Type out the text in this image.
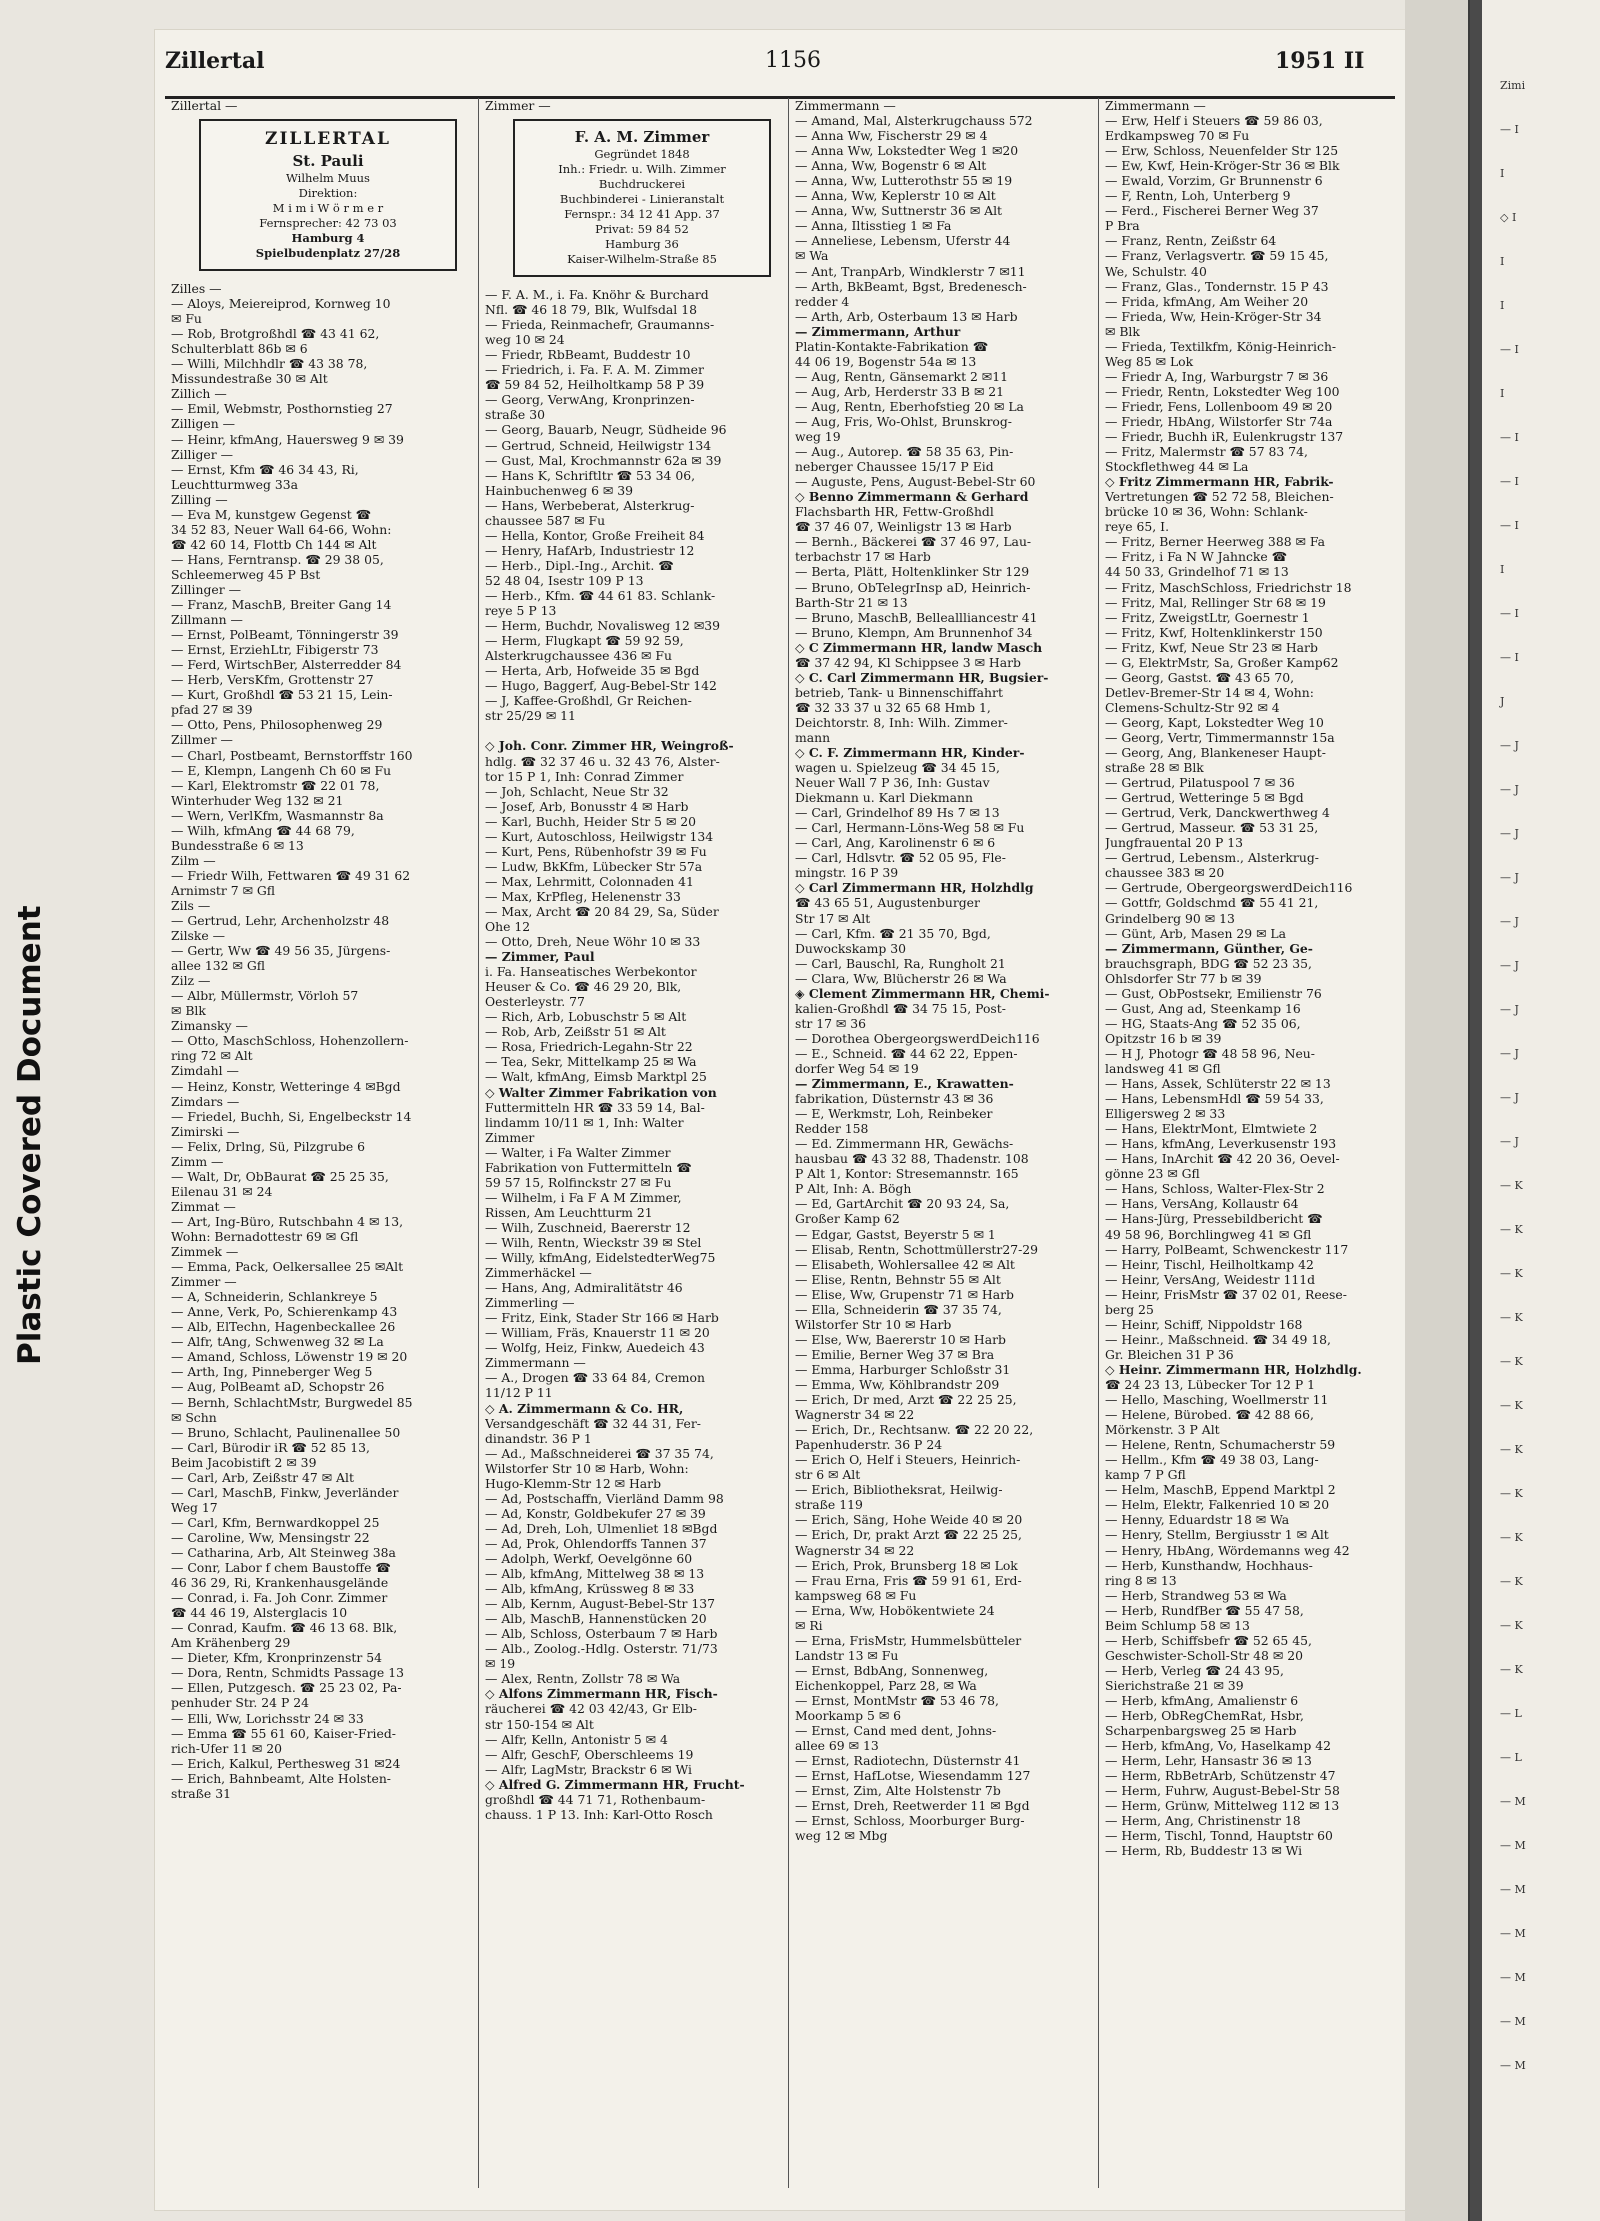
Plastic Covered Document
Zillertal	1156	1951 II
Zillertal —
ZILLERTAL
St. Pauli
Wilhelm Muus
Direktion:
M i m i W ö r m e r
Fernsprecher: 42 73 03
Hamburg 4
Spielbudenplatz 27/28
Zilles —
— Aloys, Meiereiprod, Kornweg 10
✉ Fu
— Rob, Brotgroßhdl ☎ 43 41 62,
Schulterblatt 86b ✉ 6
— Willi, Milchhdlr ☎ 43 38 78,
Missundestraße 30 ✉ Alt
Zillich —
— Emil, Webmstr, Posthornstieg 27
Zilligen —
— Heinr, kfmAng, Hauersweg 9 ✉ 39
Zilliger —
— Ernst, Kfm ☎ 46 34 43, Ri,
Leuchtturmweg 33a
Zilling —
— Eva M, kunstgew Gegenst ☎
34 52 83, Neuer Wall 64-66, Wohn:
☎ 42 60 14, Flottb Ch 144 ✉ Alt
— Hans, Ferntransp. ☎ 29 38 05,
Schleemerweg 45 P Bst
Zillinger —
— Franz, MaschB, Breiter Gang 14
Zillmann —
— Ernst, PolBeamt, Tönningerstr 39
— Ernst, ErziehLtr, Fibigerstr 73
— Ferd, WirtschBer, Alsterredder 84
— Herb, VersKfm, Grottenstr 27
— Kurt, Großhdl ☎ 53 21 15, Lein-
pfad 27 ✉ 39
— Otto, Pens, Philosophenweg 29
Zillmer —
— Charl, Postbeamt, Bernstorffstr 160
— E, Klempn, Langenh Ch 60 ✉ Fu
— Karl, Elektromstr ☎ 22 01 78,
Winterhuder Weg 132 ✉ 21
— Wern, VerlKfm, Wasmannstr 8a
— Wilh, kfmAng ☎ 44 68 79,
Bundesstraße 6 ✉ 13
Zilm —
— Friedr Wilh, Fettwaren ☎ 49 31 62
Arnimstr 7 ✉ Gfl
Zils —
— Gertrud, Lehr, Archenholzstr 48
Zilske —
— Gertr, Ww ☎ 49 56 35, Jürgens-
allee 132 ✉ Gfl
Zilz —
— Albr, Müllermstr, Vörloh 57
✉ Blk
Zimansky —
— Otto, MaschSchloss, Hohenzollern-
ring 72 ✉ Alt
Zimdahl —
— Heinz, Konstr, Wetteringe 4 ✉Bgd
Zimdars —
— Friedel, Buchh, Si, Engelbeckstr 14
Zimirski —
— Felix, Drlng, Sü, Pilzgrube 6
Zimm —
— Walt, Dr, ObBaurat ☎ 25 25 35,
Eilenau 31 ✉ 24
Zimmat —
— Art, Ing-Büro, Rutschbahn 4 ✉ 13,
Wohn: Bernadottestr 69 ✉ Gfl
Zimmek —
— Emma, Pack, Oelkersallee 25 ✉Alt
Zimmer —
— A, Schneiderin, Schlankreye 5
— Anne, Verk, Po, Schierenkamp 43
— Alb, ElTechn, Hagenbeckallee 26
— Alfr, tAng, Schwenweg 32 ✉ La
— Amand, Schloss, Löwenstr 19 ✉ 20
— Arth, Ing, Pinneberger Weg 5
— Aug, PolBeamt aD, Schopstr 26
— Bernh, SchlachtMstr, Burgwedel 85
✉ Schn
— Bruno, Schlacht, Paulinenallee 50
— Carl, Bürodir iR ☎ 52 85 13,
Beim Jacobistift 2 ✉ 39
— Carl, Arb, Zeißstr 47 ✉ Alt
— Carl, MaschB, Finkw, Jeverländer
Weg 17
— Carl, Kfm, Bernwardkoppel 25
— Caroline, Ww, Mensingstr 22
— Catharina, Arb, Alt Steinweg 38a
— Conr, Labor f chem Baustoffe ☎
46 36 29, Ri, Krankenhausgelände
— Conrad, i. Fa. Joh Conr. Zimmer
☎ 44 46 19, Alsterglacis 10
— Conrad, Kaufm. ☎ 46 13 68. Blk,
Am Krähenberg 29
— Dieter, Kfm, Kronprinzenstr 54
— Dora, Rentn, Schmidts Passage 13
— Ellen, Putzgesch. ☎ 25 23 02, Pa-
penhuder Str. 24 P 24
— Elli, Ww, Lorichsstr 24 ✉ 33
— Emma ☎ 55 61 60, Kaiser-Fried-
rich-Ufer 11 ✉ 20
— Erich, Kalkul, Perthesweg 31 ✉24
— Erich, Bahnbeamt, Alte Holsten-
straße 31
Zimmer —
F. A. M. Zimmer
Gegründet 1848
Inh.: Friedr. u. Wilh. Zimmer
Buchdruckerei
Buchbinderei - Linieranstalt
Fernspr.: 34 12 41 App. 37
Privat: 59 84 52
Hamburg 36
Kaiser-Wilhelm-Straße 85
— F. A. M., i. Fa. Knöhr & Burchard
Nfl. ☎ 46 18 79, Blk, Wulfsdal 18
— Frieda, Reinmachefr, Graumanns-
weg 10 ✉ 24
— Friedr, RbBeamt, Buddestr 10
— Friedrich, i. Fa. F. A. M. Zimmer
☎ 59 84 52, Heilholtkamp 58 P 39
— Georg, VerwAng, Kronprinzen-
straße 30
— Georg, Bauarb, Neugr, Südheide 96
— Gertrud, Schneid, Heilwigstr 134
— Gust, Mal, Krochmannstr 62a ✉ 39
— Hans K, Schriftltr ☎ 53 34 06,
Hainbuchenweg 6 ✉ 39
— Hans, Werbeberat, Alsterkrug-
chaussee 587 ✉ Fu
— Hella, Kontor, Große Freiheit 84
— Henry, HafArb, Industriestr 12
— Herb., Dipl.-Ing., Archit. ☎
52 48 04, Isestr 109 P 13
— Herb., Kfm. ☎ 44 61 83. Schlank-
reye 5 P 13
— Herm, Buchdr, Novalisweg 12 ✉39
— Herm, Flugkapt ☎ 59 92 59,
Alsterkrugchaussee 436 ✉ Fu
— Herta, Arb, Hofweide 35 ✉ Bgd
— Hugo, Baggerf, Aug-Bebel-Str 142
— J, Kaffee-Großhdl, Gr Reichen-
str 25/29 ✉ 11

◇ Joh. Conr. Zimmer HR, Weingroß-
hdlg. ☎ 32 37 46 u. 32 43 76, Alster-
tor 15 P 1, Inh: Conrad Zimmer
— Joh, Schlacht, Neue Str 32
— Josef, Arb, Bonusstr 4 ✉ Harb
— Karl, Buchh, Heider Str 5 ✉ 20
— Kurt, Autoschloss, Heilwigstr 134
— Kurt, Pens, Rübenhofstr 39 ✉ Fu
— Ludw, BkKfm, Lübecker Str 57a
— Max, Lehrmitt, Colonnaden 41
— Max, KrPfleg, Helenenstr 33
— Max, Archt ☎ 20 84 29, Sa, Süder
Ohe 12
— Otto, Dreh, Neue Wöhr 10 ✉ 33
— Zimmer, Paul
i. Fa. Hanseatisches Werbekontor
Heuser & Co. ☎ 46 29 20, Blk,
Oesterleystr. 77
— Rich, Arb, Lobuschstr 5 ✉ Alt
— Rob, Arb, Zeißstr 51 ✉ Alt
— Rosa, Friedrich-Legahn-Str 22
— Tea, Sekr, Mittelkamp 25 ✉ Wa
— Walt, kfmAng, Eimsb Marktpl 25
◇ Walter Zimmer Fabrikation von
Futtermitteln HR ☎ 33 59 14, Bal-
lindamm 10/11 ✉ 1, Inh: Walter
Zimmer
— Walter, i Fa Walter Zimmer
Fabrikation von Futtermitteln ☎
59 57 15, Rolfinckstr 27 ✉ Fu
— Wilhelm, i Fa F A M Zimmer,
Rissen, Am Leuchtturm 21
— Wilh, Zuschneid, Baererstr 12
— Wilh, Rentn, Wieckstr 39 ✉ Stel
— Willy, kfmAng, EidelstedterWeg75
Zimmerhäckel —
— Hans, Ang, Admiralitätstr 46
Zimmerling —
— Fritz, Eink, Stader Str 166 ✉ Harb
— William, Fräs, Knauerstr 11 ✉ 20
— Wolfg, Heiz, Finkw, Auedeich 43
Zimmermann —
— A., Drogen ☎ 33 64 84, Cremon
11/12 P 11
◇ A. Zimmermann & Co. HR,
Versandgeschäft ☎ 32 44 31, Fer-
dinandstr. 36 P 1
— Ad., Maßschneiderei ☎ 37 35 74,
Wilstorfer Str 10 ✉ Harb, Wohn:
Hugo-Klemm-Str 12 ✉ Harb
— Ad, Postschaffn, Vierländ Damm 98
— Ad, Konstr, Goldbekufer 27 ✉ 39
— Ad, Dreh, Loh, Ulmenliet 18 ✉Bgd
— Ad, Prok, Ohlendorffs Tannen 37
— Adolph, Werkf, Oevelgönne 60
— Alb, kfmAng, Mittelweg 38 ✉ 13
— Alb, kfmAng, Krüssweg 8 ✉ 33
— Alb, Kernm, August-Bebel-Str 137
— Alb, MaschB, Hannenstücken 20
— Alb, Schloss, Osterbaum 7 ✉ Harb
— Alb., Zoolog.-Hdlg. Osterstr. 71/73
✉ 19
— Alex, Rentn, Zollstr 78 ✉ Wa
◇ Alfons Zimmermann HR, Fisch-
räucherei ☎ 42 03 42/43, Gr Elb-
str 150-154 ✉ Alt
— Alfr, Kelln, Antonistr 5 ✉ 4
— Alfr, GeschF, Oberschleems 19
— Alfr, LagMstr, Brackstr 6 ✉ Wi
◇ Alfred G. Zimmermann HR, Frucht-
großhdl ☎ 44 71 71, Rothenbaum-
chauss. 1 P 13. Inh: Karl-Otto Rosch
Zimmermann —
— Amand, Mal, Alsterkrugchauss 572
— Anna Ww, Fischerstr 29 ✉ 4
— Anna Ww, Lokstedter Weg 1 ✉20
— Anna, Ww, Bogenstr 6 ✉ Alt
— Anna, Ww, Lutterothstr 55 ✉ 19
— Anna, Ww, Keplerstr 10 ✉ Alt
— Anna, Ww, Suttnerstr 36 ✉ Alt
— Anna, Iltisstieg 1 ✉ Fa
— Anneliese, Lebensm, Uferstr 44
✉ Wa
— Ant, TranpArb, Windklerstr 7 ✉11
— Arth, BkBeamt, Bgst, Bredenesch-
redder 4
— Arth, Arb, Osterbaum 13 ✉ Harb
— Zimmermann, Arthur
Platin-Kontakte-Fabrikation ☎
44 06 19, Bogenstr 54a ✉ 13
— Aug, Rentn, Gänsemarkt 2 ✉11
— Aug, Arb, Herderstr 33 B ✉ 21
— Aug, Rentn, Eberhofstieg 20 ✉ La
— Aug, Fris, Wo-Ohlst, Brunskrog-
weg 19
— Aug., Autorep. ☎ 58 35 63, Pin-
neberger Chaussee 15/17 P Eid
— Auguste, Pens, August-Bebel-Str 60
◇ Benno Zimmermann & Gerhard
Flachsbarth HR, Fettw-Großhdl
☎ 37 46 07, Weinligstr 13 ✉ Harb
— Bernh., Bäckerei ☎ 37 46 97, Lau-
terbachstr 17 ✉ Harb
— Berta, Plätt, Holtenklinker Str 129
— Bruno, ObTelegrInsp aD, Heinrich-
Barth-Str 21 ✉ 13
— Bruno, MaschB, Belleallliancestr 41
— Bruno, Klempn, Am Brunnenhof 34
◇ C Zimmermann HR, landw Masch
☎ 37 42 94, Kl Schippsee 3 ✉ Harb
◇ C. Carl Zimmermann HR, Bugsier-
betrieb, Tank- u Binnenschiffahrt
☎ 32 33 37 u 32 65 68 Hmb 1,
Deichtorstr. 8, Inh: Wilh. Zimmer-
mann
◇ C. F. Zimmermann HR, Kinder-
wagen u. Spielzeug ☎ 34 45 15,
Neuer Wall 7 P 36, Inh: Gustav
Diekmann u. Karl Diekmann
— Carl, Grindelhof 89 Hs 7 ✉ 13
— Carl, Hermann-Löns-Weg 58 ✉ Fu
— Carl, Ang, Karolinenstr 6 ✉ 6
— Carl, Hdlsvtr. ☎ 52 05 95, Fle-
mingstr. 16 P 39
◇ Carl Zimmermann HR, Holzhdlg
☎ 43 65 51, Augustenburger
Str 17 ✉ Alt
— Carl, Kfm. ☎ 21 35 70, Bgd,
Duwockskamp 30
— Carl, Bauschl, Ra, Rungholt 21
— Clara, Ww, Blücherstr 26 ✉ Wa
◈ Clement Zimmermann HR, Chemi-
kalien-Großhdl ☎ 34 75 15, Post-
str 17 ✉ 36
— Dorothea ObergeorgswerdDeich116
— E., Schneid. ☎ 44 62 22, Eppen-
dorfer Weg 54 ✉ 19
— Zimmermann, E., Krawatten-
fabrikation, Düsternstr 43 ✉ 36
— E, Werkmstr, Loh, Reinbeker
Redder 158
— Ed. Zimmermann HR, Gewächs-
hausbau ☎ 43 32 88, Thadenstr. 108
P Alt 1, Kontor: Stresemannstr. 165
P Alt, Inh: A. Bögh
— Ed, GartArchit ☎ 20 93 24, Sa,
Großer Kamp 62
— Edgar, Gastst, Beyerstr 5 ✉ 1
— Elisab, Rentn, Schottmüllerstr27-29
— Elisabeth, Wohlersallee 42 ✉ Alt
— Elise, Rentn, Behnstr 55 ✉ Alt
— Elise, Ww, Grupenstr 71 ✉ Harb
— Ella, Schneiderin ☎ 37 35 74,
Wilstorfer Str 10 ✉ Harb
— Else, Ww, Baererstr 10 ✉ Harb
— Emilie, Berner Weg 37 ✉ Bra
— Emma, Harburger Schloßstr 31
— Emma, Ww, Köhlbrandstr 209
— Erich, Dr med, Arzt ☎ 22 25 25,
Wagnerstr 34 ✉ 22
— Erich, Dr., Rechtsanw. ☎ 22 20 22,
Papenhuderstr. 36 P 24
— Erich O, Helf i Steuers, Heinrich-
str 6 ✉ Alt
— Erich, Bibliotheksrat, Heilwig-
straße 119
— Erich, Säng, Hohe Weide 40 ✉ 20
— Erich, Dr, prakt Arzt ☎ 22 25 25,
Wagnerstr 34 ✉ 22
— Erich, Prok, Brunsberg 18 ✉ Lok
— Frau Erna, Fris ☎ 59 91 61, Erd-
kampsweg 68 ✉ Fu
— Erna, Ww, Hobökentwiete 24
✉ Ri
— Erna, FrisMstr, Hummelsbütteler
Landstr 13 ✉ Fu
— Ernst, BdbAng, Sonnenweg,
Eichenkoppel, Parz 28, ✉ Wa
— Ernst, MontMstr ☎ 53 46 78,
Moorkamp 5 ✉ 6
— Ernst, Cand med dent, Johns-
allee 69 ✉ 13
— Ernst, Radiotechn, Düsternstr 41
— Ernst, HafLotse, Wiesendamm 127
— Ernst, Zim, Alte Holstenstr 7b
— Ernst, Dreh, Reetwerder 11 ✉ Bgd
— Ernst, Schloss, Moorburger Burg-
weg 12 ✉ Mbg
Zimmermann —
— Erw, Helf i Steuers ☎ 59 86 03,
Erdkampsweg 70 ✉ Fu
— Erw, Schloss, Neuenfelder Str 125
— Ew, Kwf, Hein-Kröger-Str 36 ✉ Blk
— Ewald, Vorzim, Gr Brunnenstr 6
— F, Rentn, Loh, Unterberg 9
— Ferd., Fischerei Berner Weg 37
P Bra
— Franz, Rentn, Zeißstr 64
— Franz, Verlagsvertr. ☎ 59 15 45,
We, Schulstr. 40
— Franz, Glas., Tondernstr. 15 P 43
— Frida, kfmAng, Am Weiher 20
— Frieda, Ww, Hein-Kröger-Str 34
✉ Blk
— Frieda, Textilkfm, König-Heinrich-
Weg 85 ✉ Lok
— Friedr A, Ing, Warburgstr 7 ✉ 36
— Friedr, Rentn, Lokstedter Weg 100
— Friedr, Fens, Lollenboom 49 ✉ 20
— Friedr, HbAng, Wilstorfer Str 74a
— Friedr, Buchh iR, Eulenkrugstr 137
— Fritz, Malermstr ☎ 57 83 74,
Stockflethweg 44 ✉ La
◇ Fritz Zimmermann HR, Fabrik-
Vertretungen ☎ 52 72 58, Bleichen-
brücke 10 ✉ 36, Wohn: Schlank-
reye 65, I.
— Fritz, Berner Heerweg 388 ✉ Fa
— Fritz, i Fa N W Jahncke ☎
44 50 33, Grindelhof 71 ✉ 13
— Fritz, MaschSchloss, Friedrichstr 18
— Fritz, Mal, Rellinger Str 68 ✉ 19
— Fritz, ZweigstLtr, Goernestr 1
— Fritz, Kwf, Holtenklinkerstr 150
— Fritz, Kwf, Neue Str 23 ✉ Harb
— G, ElektrMstr, Sa, Großer Kamp62
— Georg, Gastst. ☎ 43 65 70,
Detlev-Bremer-Str 14 ✉ 4, Wohn:
Clemens-Schultz-Str 92 ✉ 4
— Georg, Kapt, Lokstedter Weg 10
— Georg, Vertr, Timmermannstr 15a
— Georg, Ang, Blankeneser Haupt-
straße 28 ✉ Blk
— Gertrud, Pilatuspool 7 ✉ 36
— Gertrud, Wetteringe 5 ✉ Bgd
— Gertrud, Verk, Danckwerthweg 4
— Gertrud, Masseur. ☎ 53 31 25,
Jungfrauental 20 P 13
— Gertrud, Lebensm., Alsterkrug-
chaussee 383 ✉ 20
— Gertrude, ObergeorgswerdDeich116
— Gottfr, Goldschmd ☎ 55 41 21,
Grindelberg 90 ✉ 13
— Günt, Arb, Masen 29 ✉ La
— Zimmermann, Günther, Ge-
brauchsgraph, BDG ☎ 52 23 35,
Ohlsdorfer Str 77 b ✉ 39
— Gust, ObPostsekr, Emilienstr 76
— Gust, Ang ad, Steenkamp 16
— HG, Staats-Ang ☎ 52 35 06,
Opitzstr 16 b ✉ 39
— H J, Photogr ☎ 48 58 96, Neu-
landsweg 41 ✉ Gfl
— Hans, Assek, Schlüterstr 22 ✉ 13
— Hans, LebensmHdl ☎ 59 54 33,
Elligersweg 2 ✉ 33
— Hans, ElektrMont, Elmtwiete 2
— Hans, kfmAng, Leverkusenstr 193
— Hans, InArchit ☎ 42 20 36, Oevel-
gönne 23 ✉ Gfl
— Hans, Schloss, Walter-Flex-Str 2
— Hans, VersAng, Kollaustr 64
— Hans-Jürg, Pressebildbericht ☎
49 58 96, Borchlingweg 41 ✉ Gfl
— Harry, PolBeamt, Schwenckestr 117
— Heinr, Tischl, Heilholtkamp 42
— Heinr, VersAng, Weidestr 111d
— Heinr, FrisMstr ☎ 37 02 01, Reese-
berg 25
— Heinr, Schiff, Nippoldstr 168
— Heinr., Maßschneid. ☎ 34 49 18,
Gr. Bleichen 31 P 36
◇ Heinr. Zimmermann HR, Holzhdlg.
☎ 24 23 13, Lübecker Tor 12 P 1
— Hello, Masching, Woellmerstr 11
— Helene, Bürobed. ☎ 42 88 66,
Mörkenstr. 3 P Alt
— Helene, Rentn, Schumacherstr 59
— Hellm., Kfm ☎ 49 38 03, Lang-
kamp 7 P Gfl
— Helm, MaschB, Eppend Marktpl 2
— Helm, Elektr, Falkenried 10 ✉ 20
— Henny, Eduardstr 18 ✉ Wa
— Henry, Stellm, Bergiusstr 1 ✉ Alt
— Henry, HbAng, Wördemanns weg 42
— Herb, Kunsthandw, Hochhaus-
ring 8 ✉ 13
— Herb, Strandweg 53 ✉ Wa
— Herb, RundfBer ☎ 55 47 58,
Beim Schlump 58 ✉ 13
— Herb, Schiffsbefr ☎ 52 65 45,
Geschwister-Scholl-Str 48 ✉ 20
— Herb, Verleg ☎ 24 43 95,
Sierichstraße 21 ✉ 39
— Herb, kfmAng, Amalienstr 6
— Herb, ObRegChemRat, Hsbr,
Scharpenbargsweg 25 ✉ Harb
— Herb, kfmAng, Vo, Haselkamp 42
— Herm, Lehr, Hansastr 36 ✉ 13
— Herm, RbBetrArb, Schützenstr 47
— Herm, Fuhrw, August-Bebel-Str 58
— Herm, Grünw, Mittelweg 112 ✉ 13
— Herm, Ang, Christinenstr 18
— Herm, Tischl, Tonnd, Hauptstr 60
— Herm, Rb, Buddestr 13 ✉ Wi
Zimi
— I
I
◇ I
I
I
— I
I
— I
— I
— I
I
— I
— I
J
— J
— J
— J
— J
— J
— J
— J
— J
— J
— J
— K
— K
— K
— K
— K
— K
— K
— K
— K
— K
— K
— K
— L
— L
— M
— M
— M
— M
— M
— M
— M
